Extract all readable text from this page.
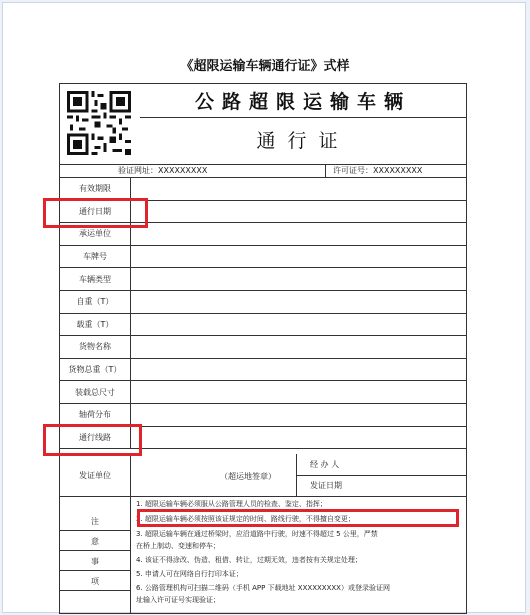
《超限运输车辆通行证》式样
公路超限运输车辆
通行证
验证网址：XXXXXXXXX	许可证号：XXXXXXXXX
有效期限
通行日期
承运单位
车牌号
车辆类型
自重（T）
载重（T）
货物名称
货物总重（T）
装载总尺寸
轴荷分布
通行线路
发证单位	（超运地签章）
经 办 人
发证日期
注
意
事
项
1. 超限运输车辆必须服从公路管理人员的检查、鉴定、指挥；
2. 超限运输车辆必须按照该证规定的时间、路线行驶，不得擅自变更；
3. 超限运输车辆在通过桥梁时，应沿道路中行驶，时速不得超过 5 公里，严禁
在桥上制动、变速和停车；
4. 该证不得涂改、伪造、租借、转让，过期无效，违者按有关规定处理；
5. 申请人可在网络自行打印本证；
6. 公路管理机构可扫描二维码（手机 APP 下载地址 XXXXXXXXX）或登录验证网
址输入许可证号实现验证；
